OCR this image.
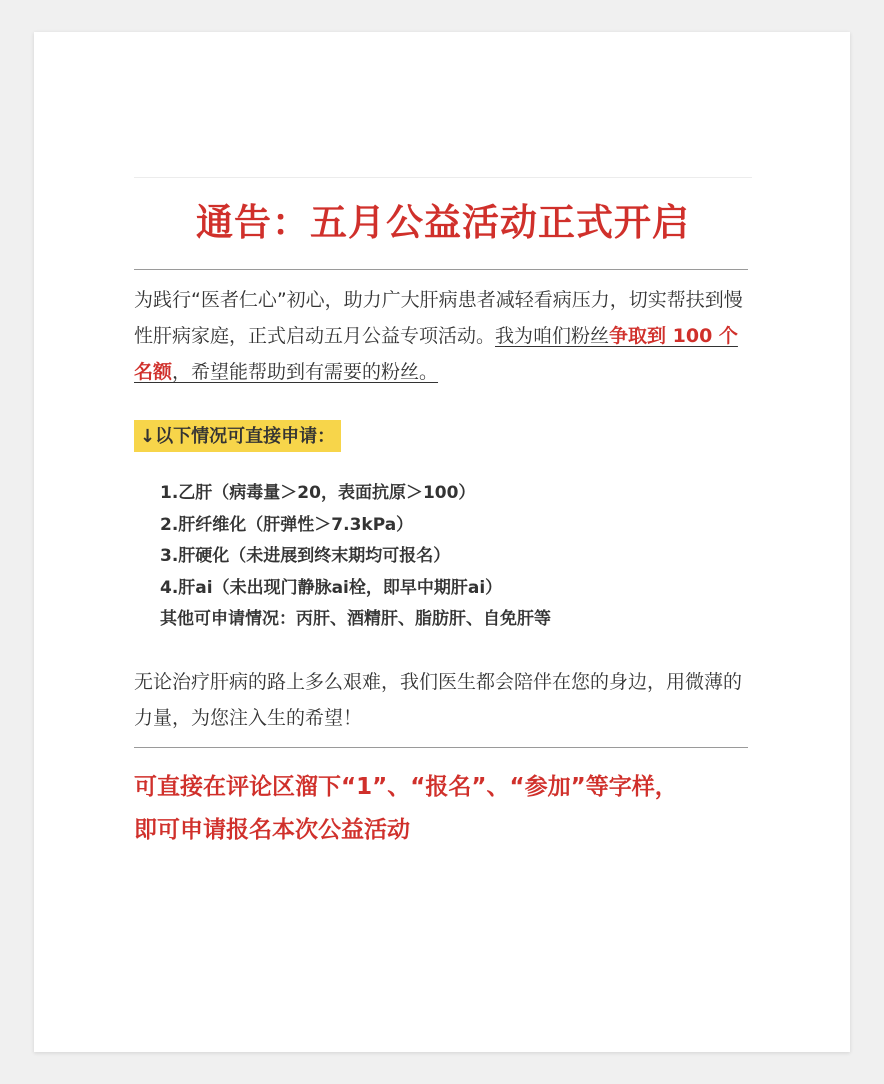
通告：五月公益活动正式开启

为践行“医者仁心”初心，助力广大肝病患者减轻看病压力，切实帮扶到慢性肝病家庭，正式启动五月公益专项活动。我为咱们粉丝争取到 100 个名额，希望能帮助到有需要的粉丝。

↓以下情况可直接申请：
1.乙肝（病毒量＞20，表面抗原＞100）
2.肝纤维化（肝弹性＞7.3kPa）
3.肝硬化（未进展到终末期均可报名）
4.肝ai（未出现门静脉ai栓，即早中期肝ai）
其他可申请情况：丙肝、酒精肝、脂肪肝、自免肝等

无论治疗肝病的路上多么艰难，我们医生都会陪伴在您的身边，用微薄的力量，为您注入生的希望！

可直接在评论区溜下“1”、“报名”、“参加”等字样，
即可申请报名本次公益活动
